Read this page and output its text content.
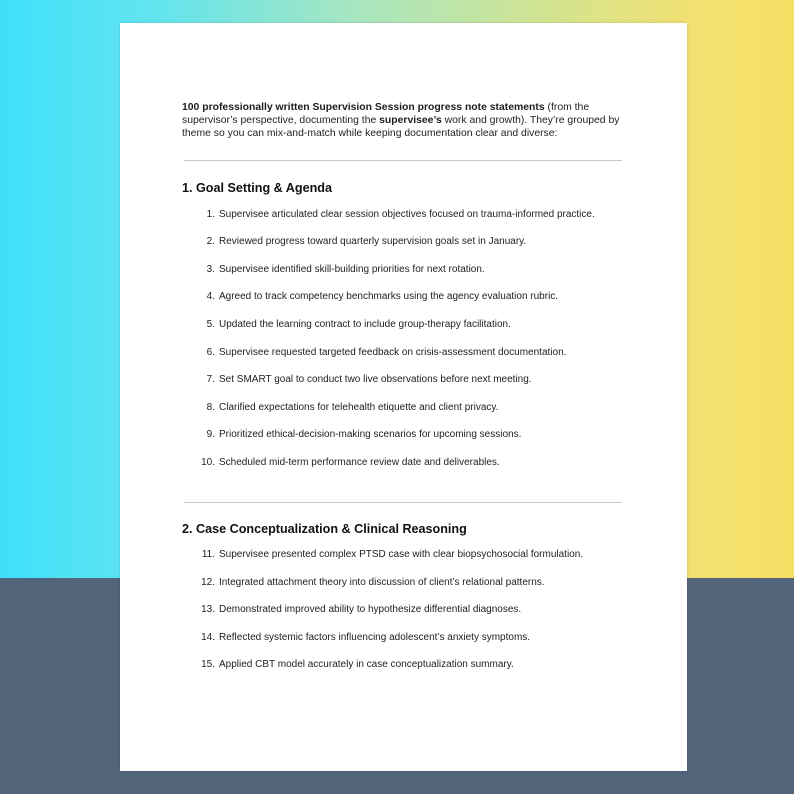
100 professionally written Supervision Session progress note statements (from the supervisor’s perspective, documenting the supervisee’s work and growth). They’re grouped by theme so you can mix-and-match while keeping documentation clear and diverse:
1. Goal Setting & Agenda
1. Supervisee articulated clear session objectives focused on trauma-informed practice.
2. Reviewed progress toward quarterly supervision goals set in January.
3. Supervisee identified skill-building priorities for next rotation.
4. Agreed to track competency benchmarks using the agency evaluation rubric.
5. Updated the learning contract to include group-therapy facilitation.
6. Supervisee requested targeted feedback on crisis-assessment documentation.
7. Set SMART goal to conduct two live observations before next meeting.
8. Clarified expectations for telehealth etiquette and client privacy.
9. Prioritized ethical-decision-making scenarios for upcoming sessions.
10. Scheduled mid-term performance review date and deliverables.
2. Case Conceptualization & Clinical Reasoning
11. Supervisee presented complex PTSD case with clear biopsychosocial formulation.
12. Integrated attachment theory into discussion of client’s relational patterns.
13. Demonstrated improved ability to hypothesize differential diagnoses.
14. Reflected systemic factors influencing adolescent’s anxiety symptoms.
15. Applied CBT model accurately in case conceptualization summary.
